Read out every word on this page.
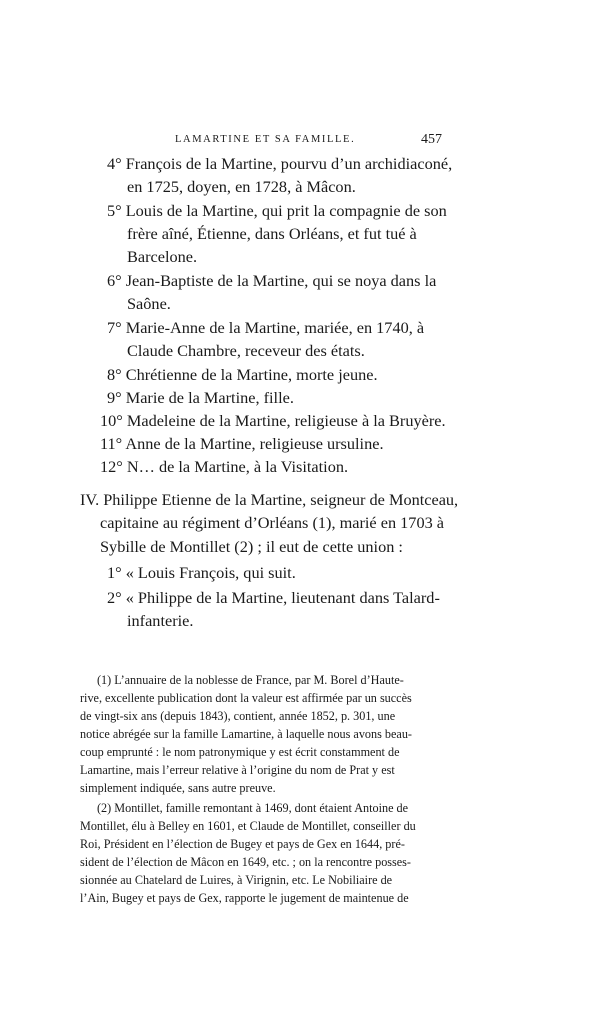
LAMARTINE ET SA FAMILLE.	457
4° François de la Martine, pourvu d’un archidiaconé,
en 1725, doyen, en 1728, à Mâcon.
5° Louis de la Martine, qui prit la compagnie de son
frère aîné, Étienne, dans Orléans, et fut tué à
Barcelone.
6° Jean-Baptiste de la Martine, qui se noya dans la
Saône.
7° Marie-Anne de la Martine, mariée, en 1740, à
Claude Chambre, receveur des états.
8° Chrétienne de la Martine, morte jeune.
9° Marie de la Martine, fille.
10° Madeleine de la Martine, religieuse à la Bruyère.
11° Anne de la Martine, religieuse ursuline.
12° N… de la Martine, à la Visitation.
IV. Philippe Etienne de la Martine, seigneur de Montceau,
capitaine au régiment d’Orléans (1), marié en 1703 à
Sybille de Montillet (2) ; il eut de cette union :
1° « Louis François, qui suit.
2° « Philippe de la Martine, lieutenant dans Talard-
infanterie.
(1) L’annuaire de la noblesse de France, par M. Borel d’Haute-
rive, excellente publication dont la valeur est affirmée par un succès
de vingt-six ans (depuis 1843), contient, année 1852, p. 301, une
notice abrégée sur la famille Lamartine, à laquelle nous avons beau-
coup emprunté : le nom patronymique y est écrit constamment de
Lamartine, mais l’erreur relative à l’origine du nom de Prat y est
simplement indiquée, sans autre preuve.
(2) Montillet, famille remontant à 1469, dont étaient Antoine de
Montillet, élu à Belley en 1601, et Claude de Montillet, conseiller du
Roi, Président en l’élection de Bugey et pays de Gex en 1644, pré-
sident de l’élection de Mâcon en 1649, etc. ; on la rencontre posses-
sionnée au Chatelard de Luires, à Virignin, etc. Le Nobiliaire de
l’Ain, Bugey et pays de Gex, rapporte le jugement de maintenue de
